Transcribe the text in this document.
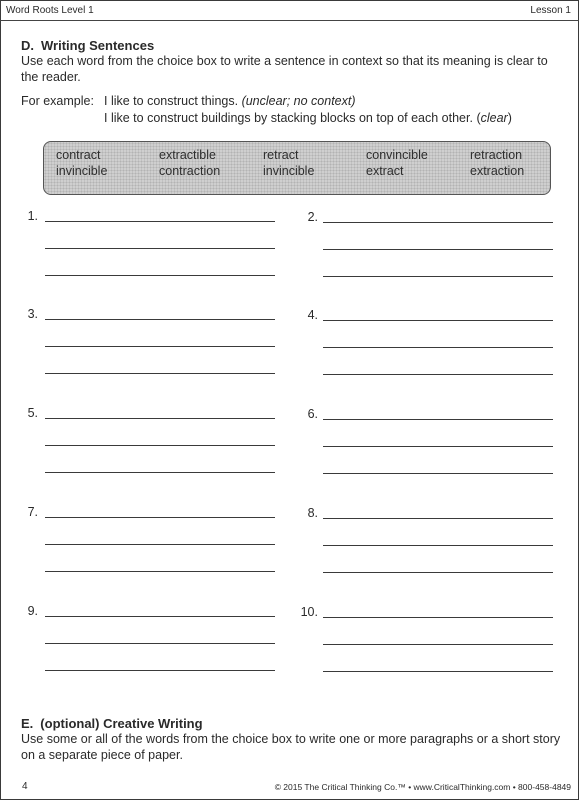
Word Roots Level 1	Lesson 1
D. Writing Sentences
Use each word from the choice box to write a sentence in context so that its meaning is clear to the reader.
For example: I like to construct things. (unclear; no context)
I like to construct buildings by stacking blocks on top of each other. (clear)
contract	extractible	retract	convincible	retraction
invincible	contraction	invincible	extract	extraction
1.
3.
5.
7.
9.
2.
4.
6.
8.
10.
E. (optional) Creative Writing
Use some or all of the words from the choice box to write one or more paragraphs or a short story on a separate piece of paper.
4	© 2015 The Critical Thinking Co.™ • www.CriticalThinking.com • 800-458-4849
